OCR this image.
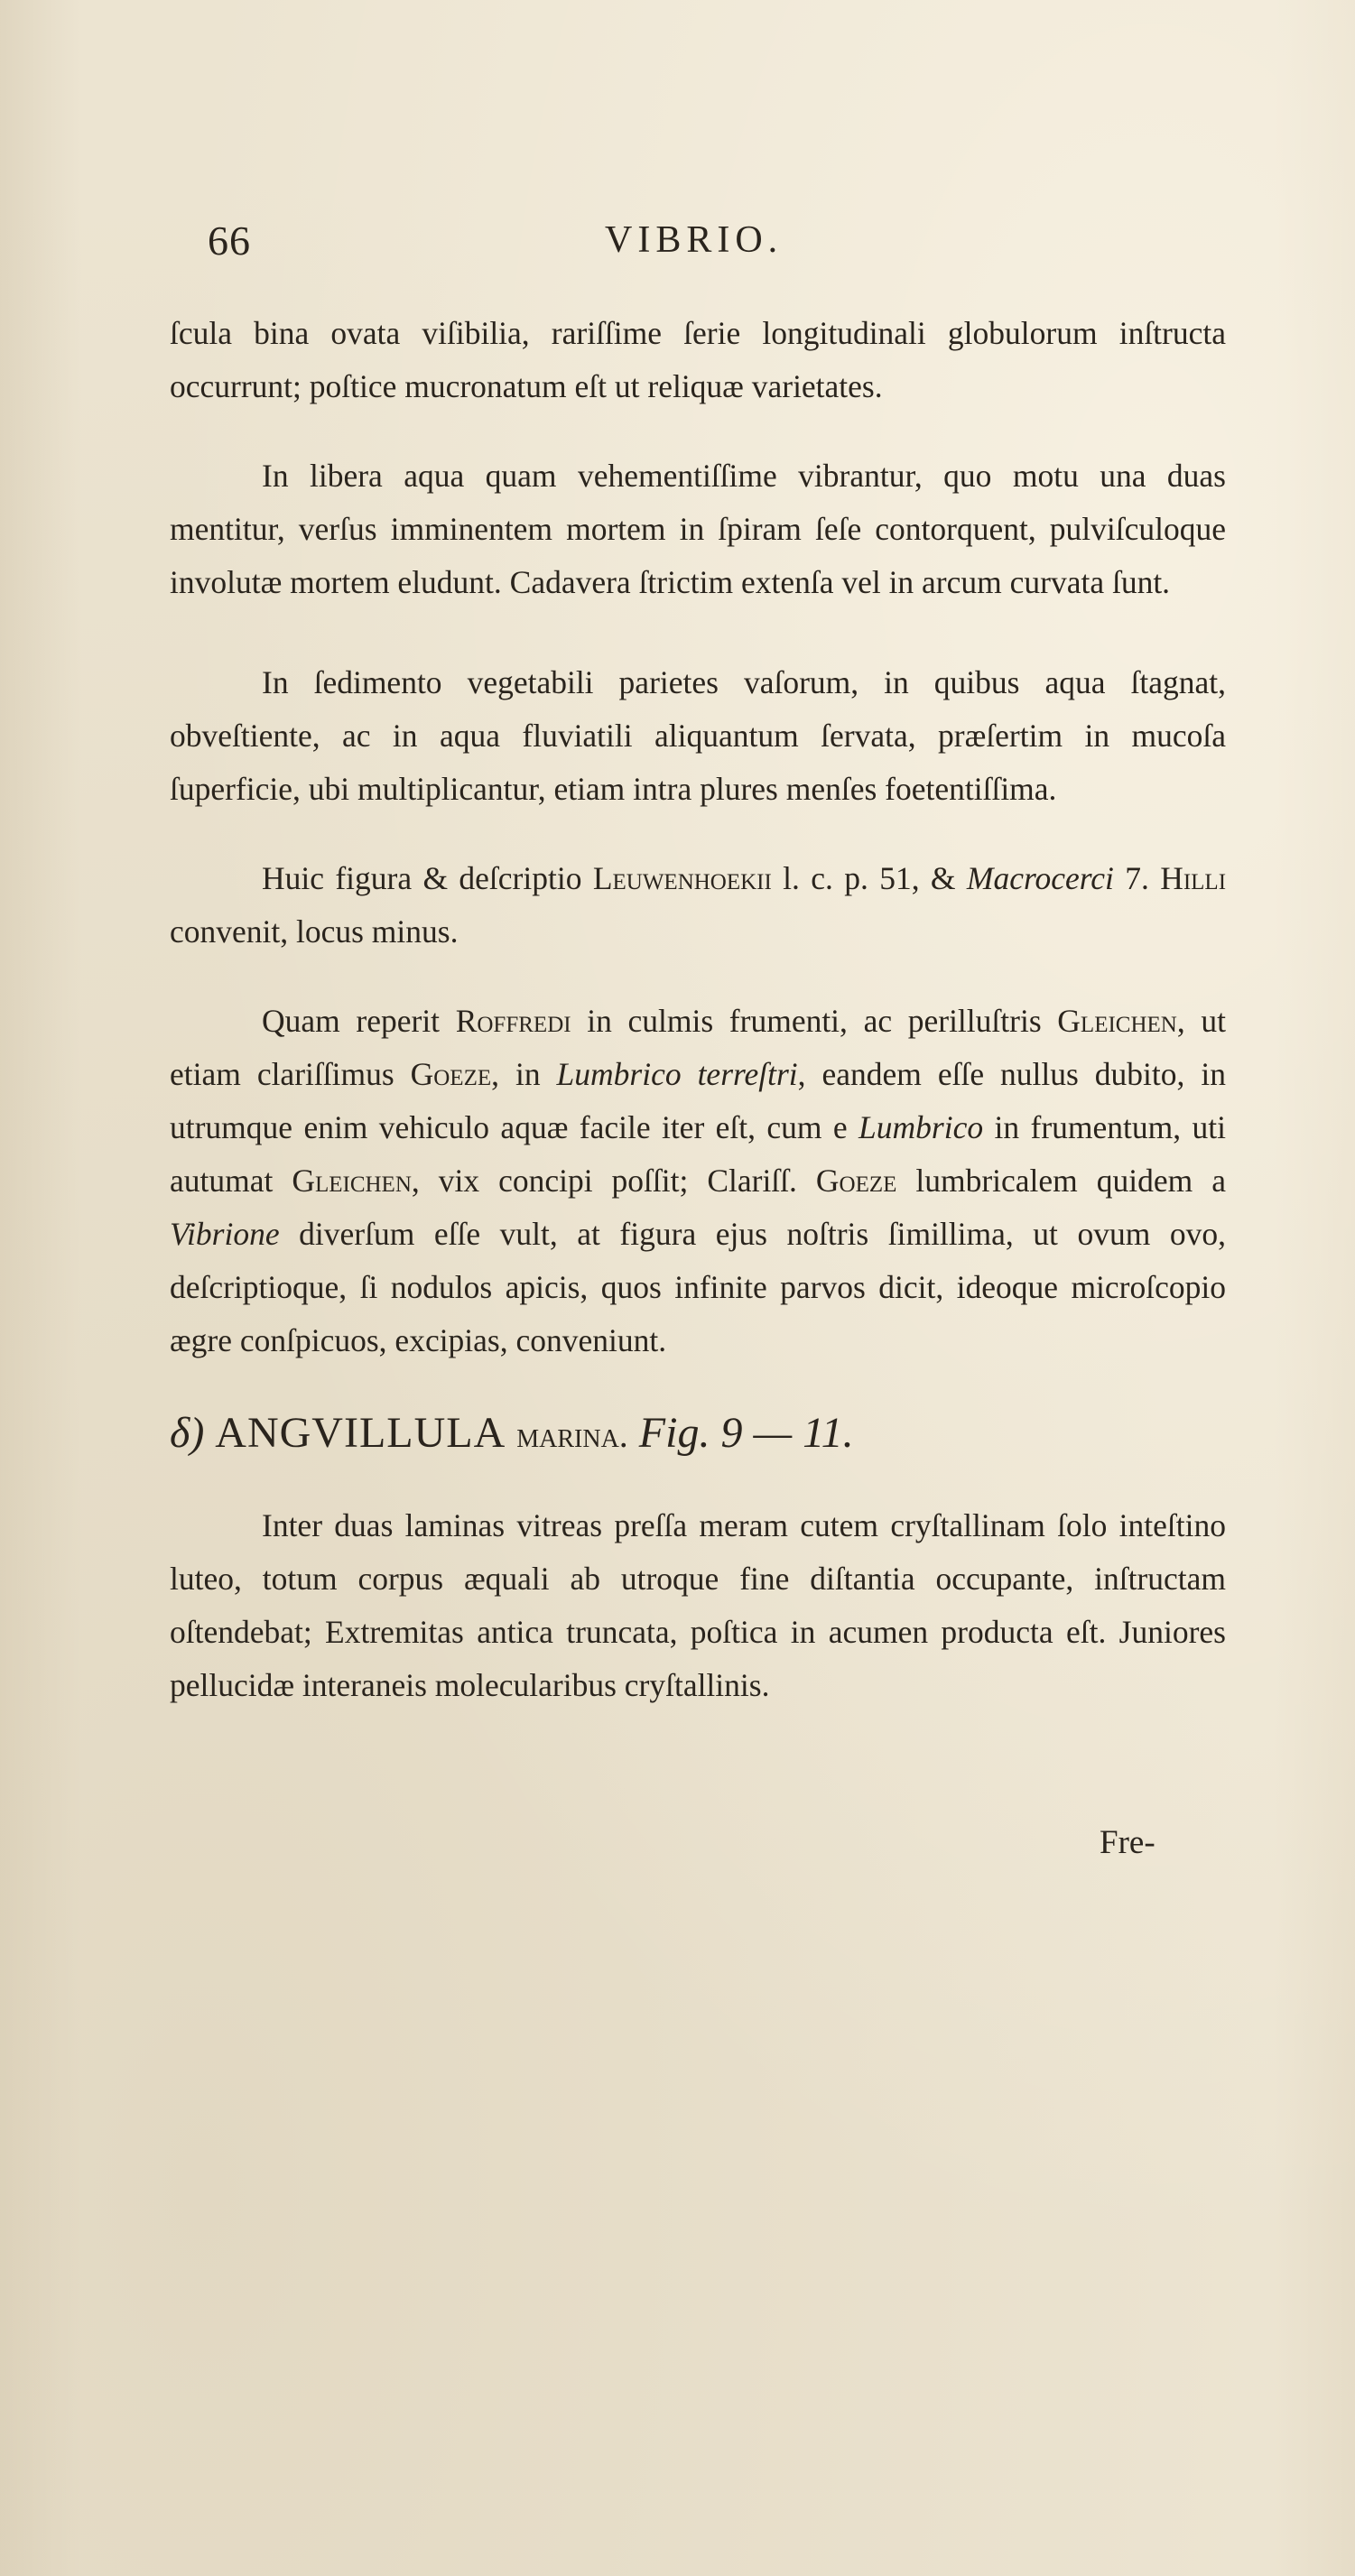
66	VIBRIO.

ſcula bina ovata viſibilia, rariſſime ſerie longitudinali globulorum inſtructa occurrunt; poſtice mucronatum eſt ut reliquæ varietates.

In libera aqua quam vehementiſſime vibrantur, quo motu una duas mentitur, verſus imminentem mortem in ſpiram ſeſe contorquent, pulviſculoque involutæ mortem eludunt. Cadavera ſtrictim extenſa vel in arcum curvata ſunt.

In ſedimento vegetabili parietes vaſorum, in quibus aqua ſtagnat, obveſtiente, ac in aqua fluviatili aliquantum ſervata, præſertim in mucoſa ſuperficie, ubi multiplicantur, etiam intra plures menſes foetentiſſima.

Huic figura & deſcriptio Leuwenhoekii l. c. p. 51, & Macrocerci 7. Hilli convenit, locus minus.

Quam reperit Roffredi in culmis frumenti, ac perilluſtris Gleichen, ut etiam clariſſimus Goeze, in Lumbrico terreſtri, eandem eſſe nullus dubito, in utrumque enim vehiculo aquæ facile iter eſt, cum e Lumbrico in frumentum, uti autumat Gleichen, vix concipi poſſit; Clariſſ. Goeze lumbricalem quidem a Vibrione diverſum eſſe vult, at figura ejus noſtris ſimillima, ut ovum ovo, deſcriptioque, ſi nodulos apicis, quos infinite parvos dicit, ideoque microſcopio ægre conſpicuos, excipias, conveniunt.

δ) ANGVILLULA marina. Fig. 9 — 11.

Inter duas laminas vitreas preſſa meram cutem cryſtallinam ſolo inteſtino luteo, totum corpus æquali ab utroque fine diſtantia occupante, inſtructam oſtendebat; Extremitas antica truncata, poſtica in acumen producta eſt. Juniores pellucidæ interaneis molecularibus cryſtallinis.

Fre-
